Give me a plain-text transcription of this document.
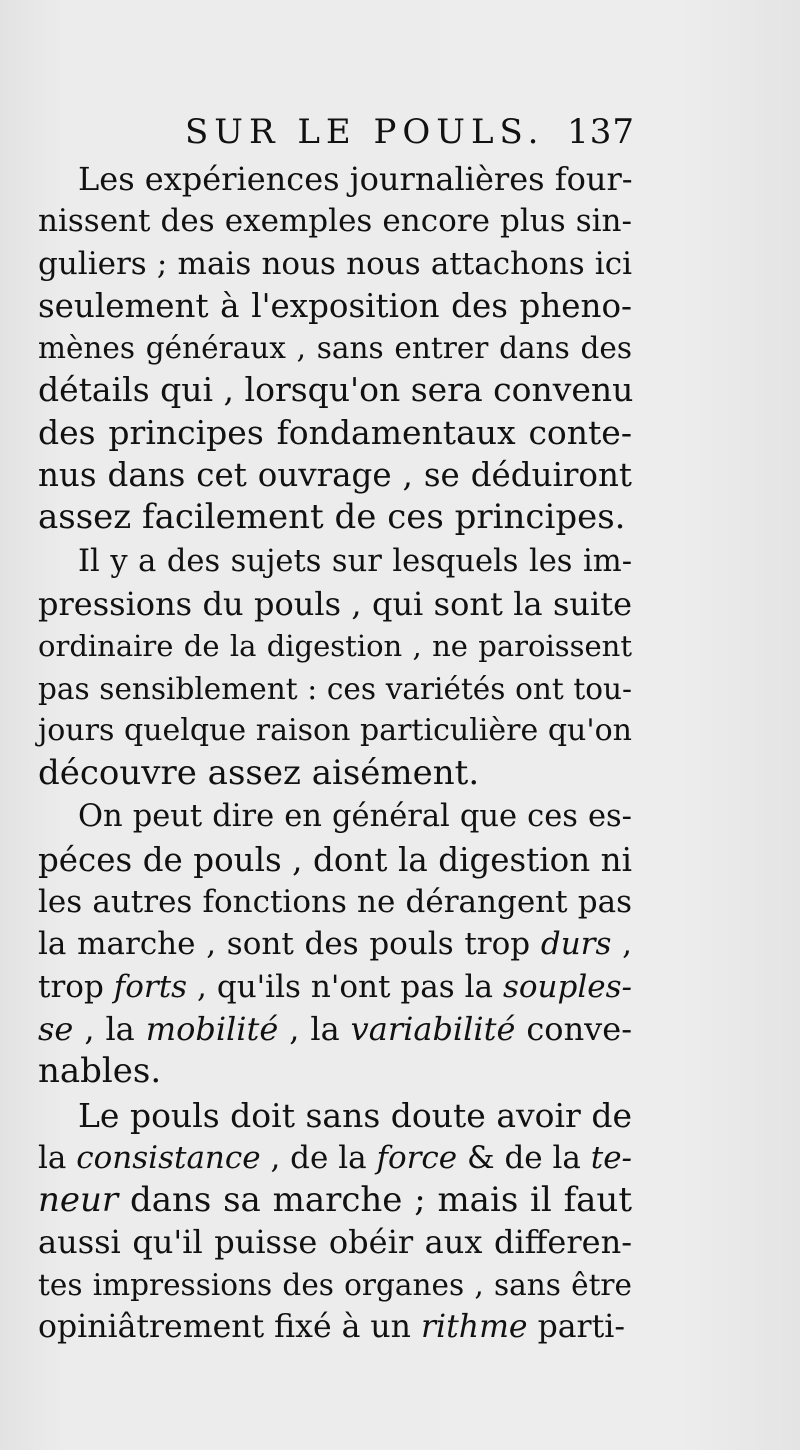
SUR LE POULS. 137
Les expériences journalières four-
nissent des exemples encore plus sin-
guliers ; mais nous nous attachons ici
seulement à l'exposition des pheno-
mènes généraux , sans entrer dans des
détails qui , lorsqu'on sera convenu
des principes fondamentaux conte-
nus dans cet ouvrage , se déduiront
assez facilement de ces principes.
Il y a des sujets sur lesquels les im-
pressions du pouls , qui sont la suite
ordinaire de la digestion , ne paroissent
pas sensiblement : ces variétés ont tou-
jours quelque raison particulière qu'on
découvre assez aisément.
On peut dire en général que ces es-
péces de pouls , dont la digestion ni
les autres fonctions ne dérangent pas
la marche , sont des pouls trop durs ,
trop forts , qu'ils n'ont pas la souples-
se , la mobilité , la variabilité conve-
nables.
Le pouls doit sans doute avoir de
la consistance , de la force & de la te-
neur dans sa marche ; mais il faut
aussi qu'il puisse obéir aux differen-
tes impressions des organes , sans être
opiniâtrement fixé à un rithme parti-
